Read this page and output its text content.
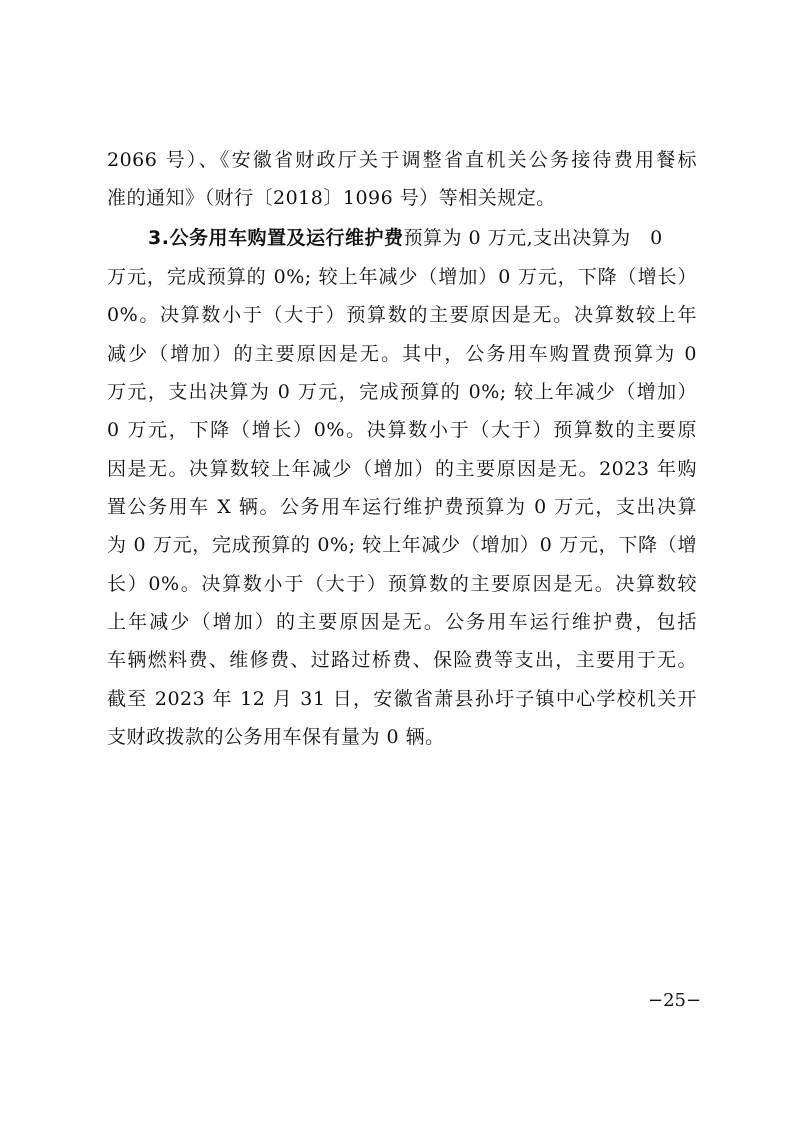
2066 号）、《安徽省财政厅关于调整省直机关公务接待费用餐标
准的通知》（财行〔2018〕1096 号）等相关规定。
3.公务用车购置及运行维护费预算为 0 万元,支出决算为　0
万元，完成预算的 0%; 较上年减少（增加）0 万元，下降（增长）
0%。决算数小于（大于）预算数的主要原因是无。决算数较上年
减少（增加）的主要原因是无。其中，公务用车购置费预算为 0
万元，支出决算为 0 万元，完成预算的 0%; 较上年减少（增加）
0 万元，下降（增长）0%。决算数小于（大于）预算数的主要原
因是无。决算数较上年减少（增加）的主要原因是无。2023 年购
置公务用车 X 辆。公务用车运行维护费预算为 0 万元，支出决算
为 0 万元，完成预算的 0%; 较上年减少（增加）0 万元，下降（增
长）0%。决算数小于（大于）预算数的主要原因是无。决算数较
上年减少（增加）的主要原因是无。公务用车运行维护费，包括
车辆燃料费、维修费、过路过桥费、保险费等支出，主要用于无。
截至 2023 年 12 月 31 日，安徽省萧县孙圩子镇中心学校机关开
支财政拨款的公务用车保有量为 0 辆。
−25−
